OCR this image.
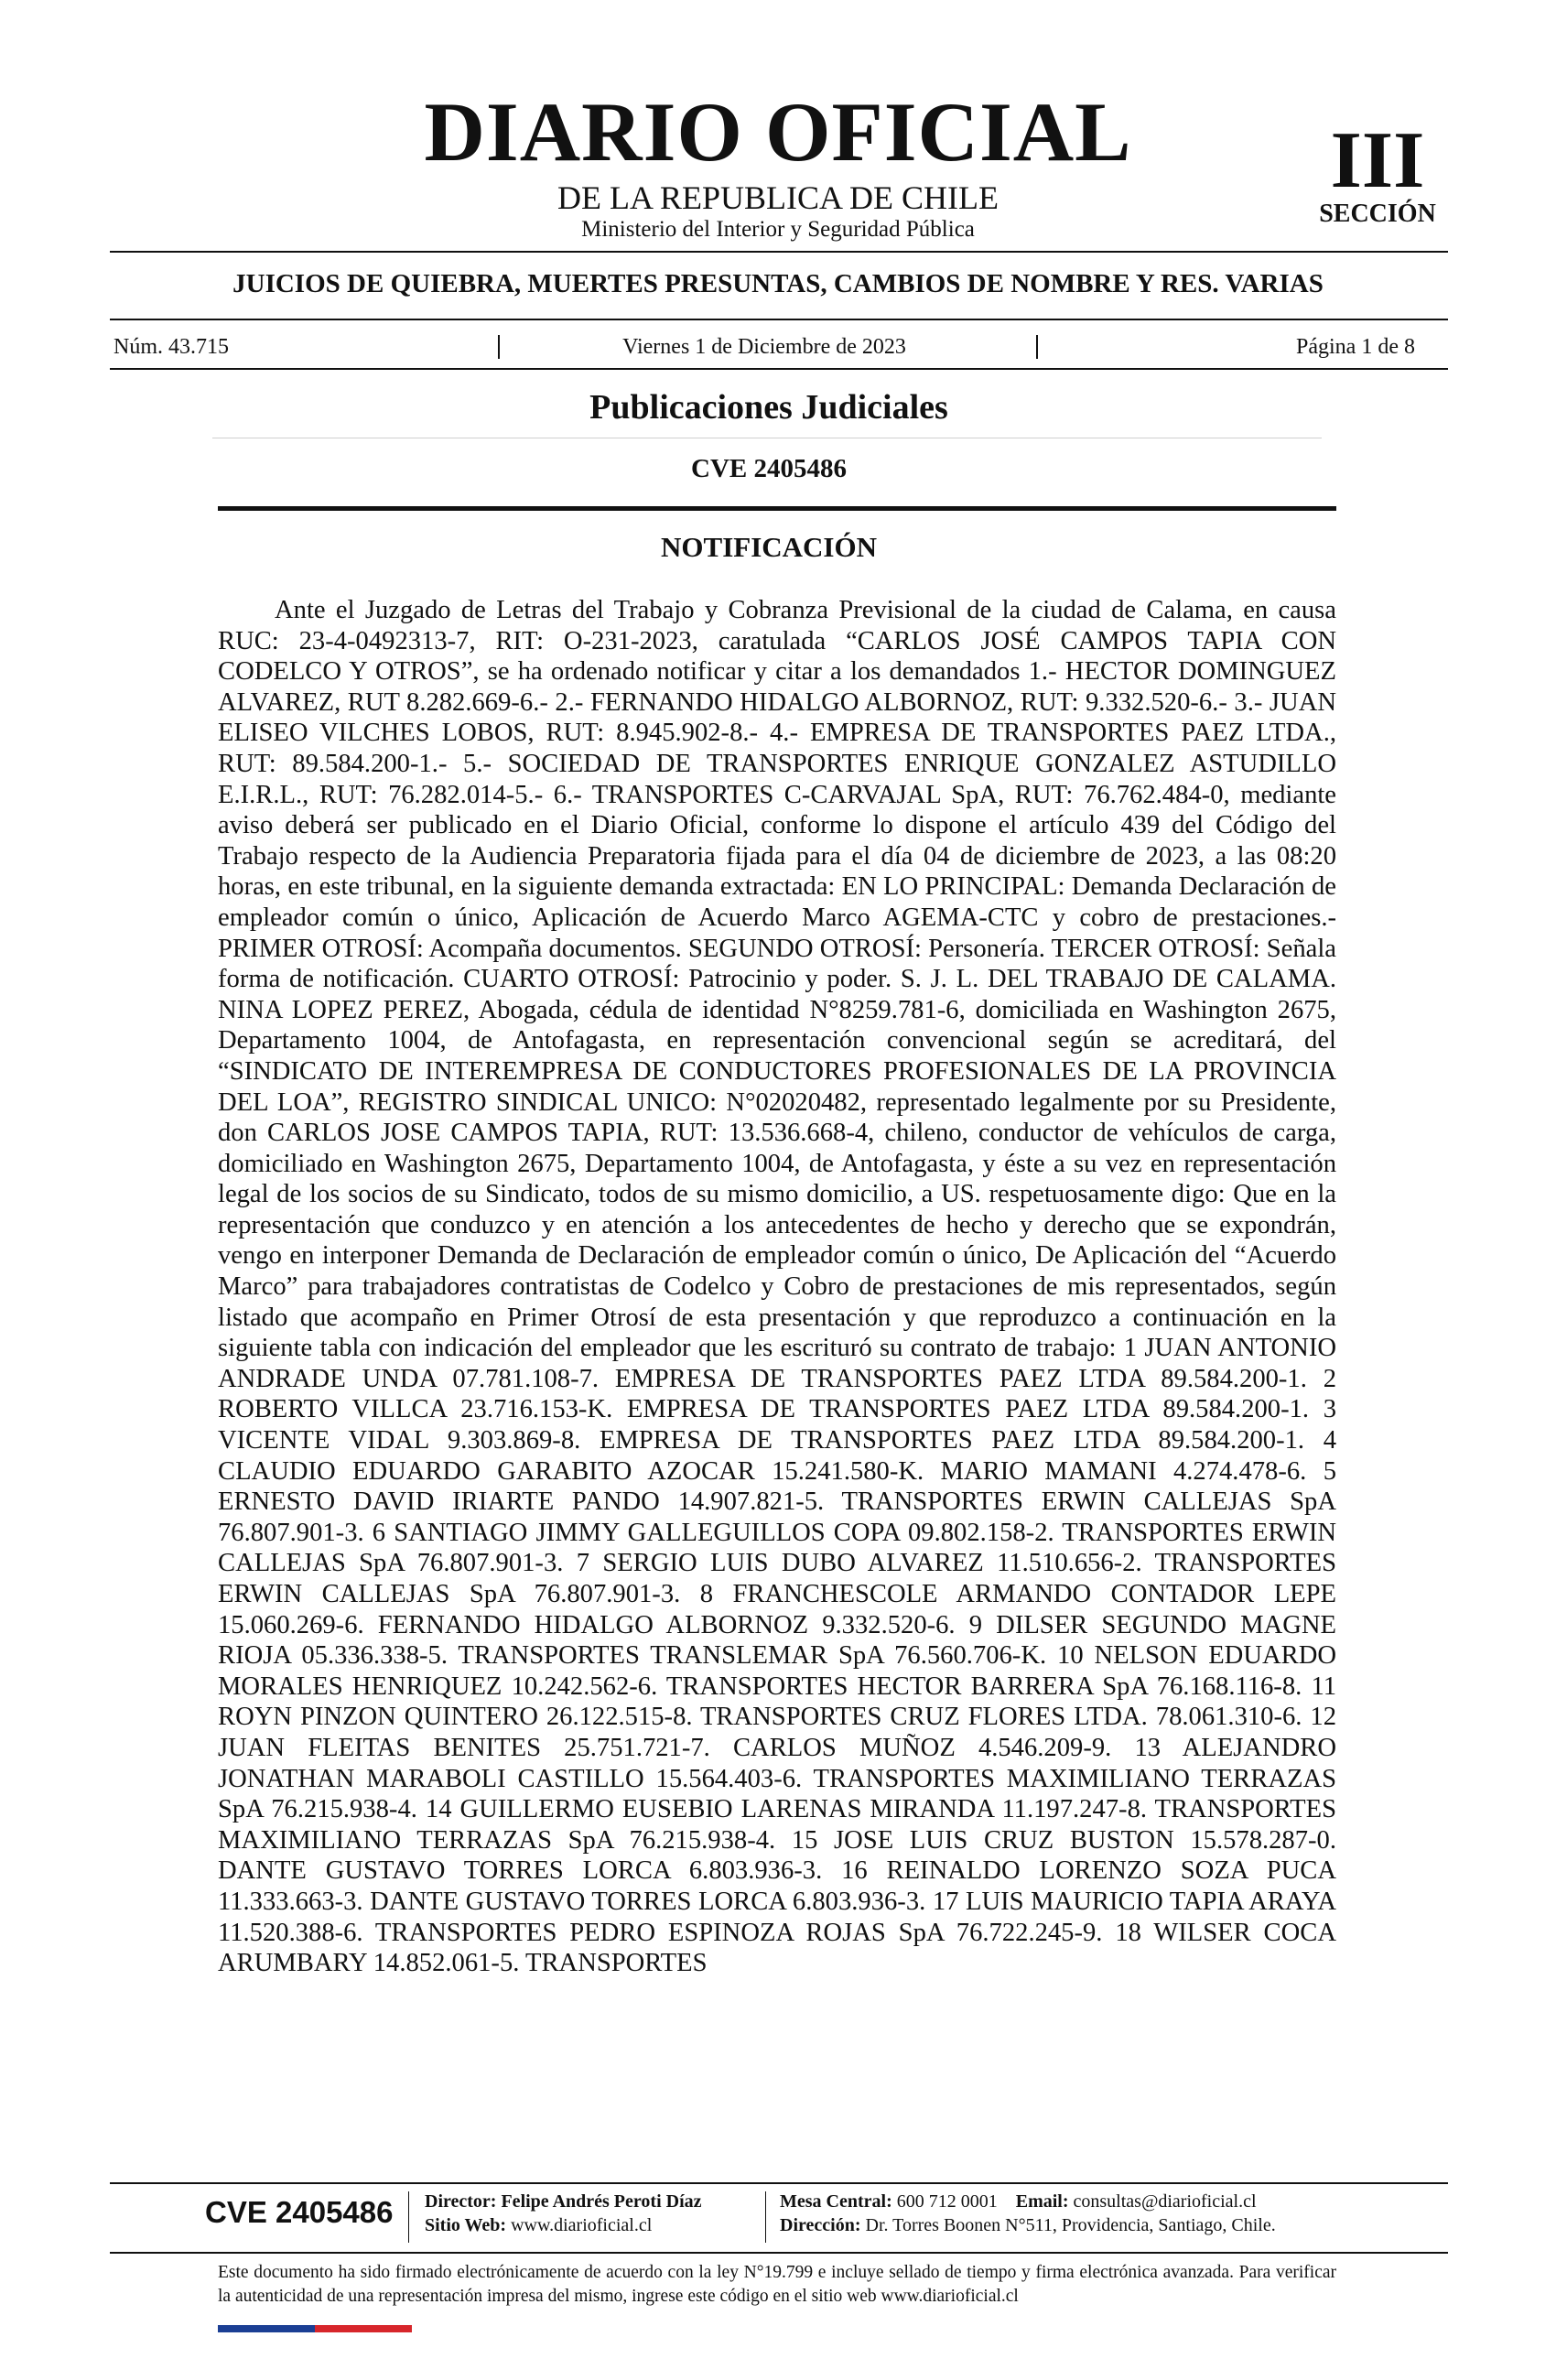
DIARIO OFICIAL
DE LA REPUBLICA DE CHILE
Ministerio del Interior y Seguridad Pública
III
SECCIÓN
JUICIOS DE QUIEBRA, MUERTES PRESUNTAS, CAMBIOS DE NOMBRE Y RES. VARIAS
Núm. 43.715	Viernes 1 de Diciembre de 2023	Página 1 de 8
Publicaciones Judiciales
CVE 2405486
NOTIFICACIÓN
Ante el Juzgado de Letras del Trabajo y Cobranza Previsional de la ciudad de Calama, en causa RUC: 23-4-0492313-7, RIT: O-231-2023, caratulada “CARLOS JOSÉ CAMPOS TAPIA CON CODELCO Y OTROS”, se ha ordenado notificar y citar a los demandados 1.- HECTOR DOMINGUEZ ALVAREZ, RUT 8.282.669-6.- 2.- FERNANDO HIDALGO ALBORNOZ, RUT: 9.332.520-6.- 3.- JUAN ELISEO VILCHES LOBOS, RUT: 8.945.902-8.- 4.- EMPRESA DE TRANSPORTES PAEZ LTDA., RUT: 89.584.200-1.- 5.- SOCIEDAD DE TRANSPORTES ENRIQUE GONZALEZ ASTUDILLO E.I.R.L., RUT: 76.282.014-5.- 6.- TRANSPORTES C-CARVAJAL SpA, RUT: 76.762.484-0, mediante aviso deberá ser publicado en el Diario Oficial, conforme lo dispone el artículo 439 del Código del Trabajo respecto de la Audiencia Preparatoria fijada para el día 04 de diciembre de 2023, a las 08:20 horas, en este tribunal, en la siguiente demanda extractada: EN LO PRINCIPAL: Demanda Declaración de empleador común o único, Aplicación de Acuerdo Marco AGEMA-CTC y cobro de prestaciones.- PRIMER OTROSÍ: Acompaña documentos. SEGUNDO OTROSÍ: Personería. TERCER OTROSÍ: Señala forma de notificación. CUARTO OTROSÍ: Patrocinio y poder. S. J. L. DEL TRABAJO DE CALAMA. NINA LOPEZ PEREZ, Abogada, cédula de identidad N°8259.781-6, domiciliada en Washington 2675, Departamento 1004, de Antofagasta, en representación convencional según se acreditará, del “SINDICATO DE INTEREMPRESA DE CONDUCTORES PROFESIONALES DE LA PROVINCIA DEL LOA”, REGISTRO SINDICAL UNICO: N°02020482, representado legalmente por su Presidente, don CARLOS JOSE CAMPOS TAPIA, RUT: 13.536.668-4, chileno, conductor de vehículos de carga, domiciliado en Washington 2675, Departamento 1004, de Antofagasta, y éste a su vez en representación legal de los socios de su Sindicato, todos de su mismo domicilio, a US. respetuosamente digo: Que en la representación que conduzco y en atención a los antecedentes de hecho y derecho que se expondrán, vengo en interponer Demanda de Declaración de empleador común o único, De Aplicación del “Acuerdo Marco” para trabajadores contratistas de Codelco y Cobro de prestaciones de mis representados, según listado que acompaño en Primer Otrosí de esta presentación y que reproduzco a continuación en la siguiente tabla con indicación del empleador que les escrituró su contrato de trabajo: 1 JUAN ANTONIO ANDRADE UNDA 07.781.108-7. EMPRESA DE TRANSPORTES PAEZ LTDA 89.584.200-1. 2 ROBERTO VILLCA 23.716.153-K. EMPRESA DE TRANSPORTES PAEZ LTDA 89.584.200-1. 3 VICENTE VIDAL 9.303.869-8. EMPRESA DE TRANSPORTES PAEZ LTDA 89.584.200-1. 4 CLAUDIO EDUARDO GARABITO AZOCAR 15.241.580-K. MARIO MAMANI 4.274.478-6. 5 ERNESTO DAVID IRIARTE PANDO 14.907.821-5. TRANSPORTES ERWIN CALLEJAS SpA 76.807.901-3. 6 SANTIAGO JIMMY GALLEGUILLOS COPA 09.802.158-2. TRANSPORTES ERWIN CALLEJAS SpA 76.807.901-3. 7 SERGIO LUIS DUBO ALVAREZ 11.510.656-2. TRANSPORTES ERWIN CALLEJAS SpA 76.807.901-3. 8 FRANCHESCOLE ARMANDO CONTADOR LEPE 15.060.269-6. FERNANDO HIDALGO ALBORNOZ 9.332.520-6. 9 DILSER SEGUNDO MAGNE RIOJA 05.336.338-5. TRANSPORTES TRANSLEMAR SpA 76.560.706-K. 10 NELSON EDUARDO MORALES HENRIQUEZ 10.242.562-6. TRANSPORTES HECTOR BARRERA SpA 76.168.116-8. 11 ROYN PINZON QUINTERO 26.122.515-8. TRANSPORTES CRUZ FLORES LTDA. 78.061.310-6. 12 JUAN FLEITAS BENITES 25.751.721-7. CARLOS MUÑOZ 4.546.209-9. 13 ALEJANDRO JONATHAN MARABOLI CASTILLO 15.564.403-6. TRANSPORTES MAXIMILIANO TERRAZAS SpA 76.215.938-4. 14 GUILLERMO EUSEBIO LARENAS MIRANDA 11.197.247-8. TRANSPORTES MAXIMILIANO TERRAZAS SpA 76.215.938-4. 15 JOSE LUIS CRUZ BUSTON 15.578.287-0. DANTE GUSTAVO TORRES LORCA 6.803.936-3. 16 REINALDO LORENZO SOZA PUCA 11.333.663-3. DANTE GUSTAVO TORRES LORCA 6.803.936-3. 17 LUIS MAURICIO TAPIA ARAYA 11.520.388-6. TRANSPORTES PEDRO ESPINOZA ROJAS SpA 76.722.245-9. 18 WILSER COCA ARUMBARY 14.852.061-5. TRANSPORTES
CVE 2405486 Director: Felipe Andrés Peroti Díaz
Sitio Web: www.diarioficial.cl
Mesa Central: 600 712 0001 Email: consultas@diarioficial.cl
Dirección: Dr. Torres Boonen N°511, Providencia, Santiago, Chile.
Este documento ha sido firmado electrónicamente de acuerdo con la ley N°19.799 e incluye sellado de tiempo y firma electrónica avanzada. Para verificar la autenticidad de una representación impresa del mismo, ingrese este código en el sitio web www.diarioficial.cl
